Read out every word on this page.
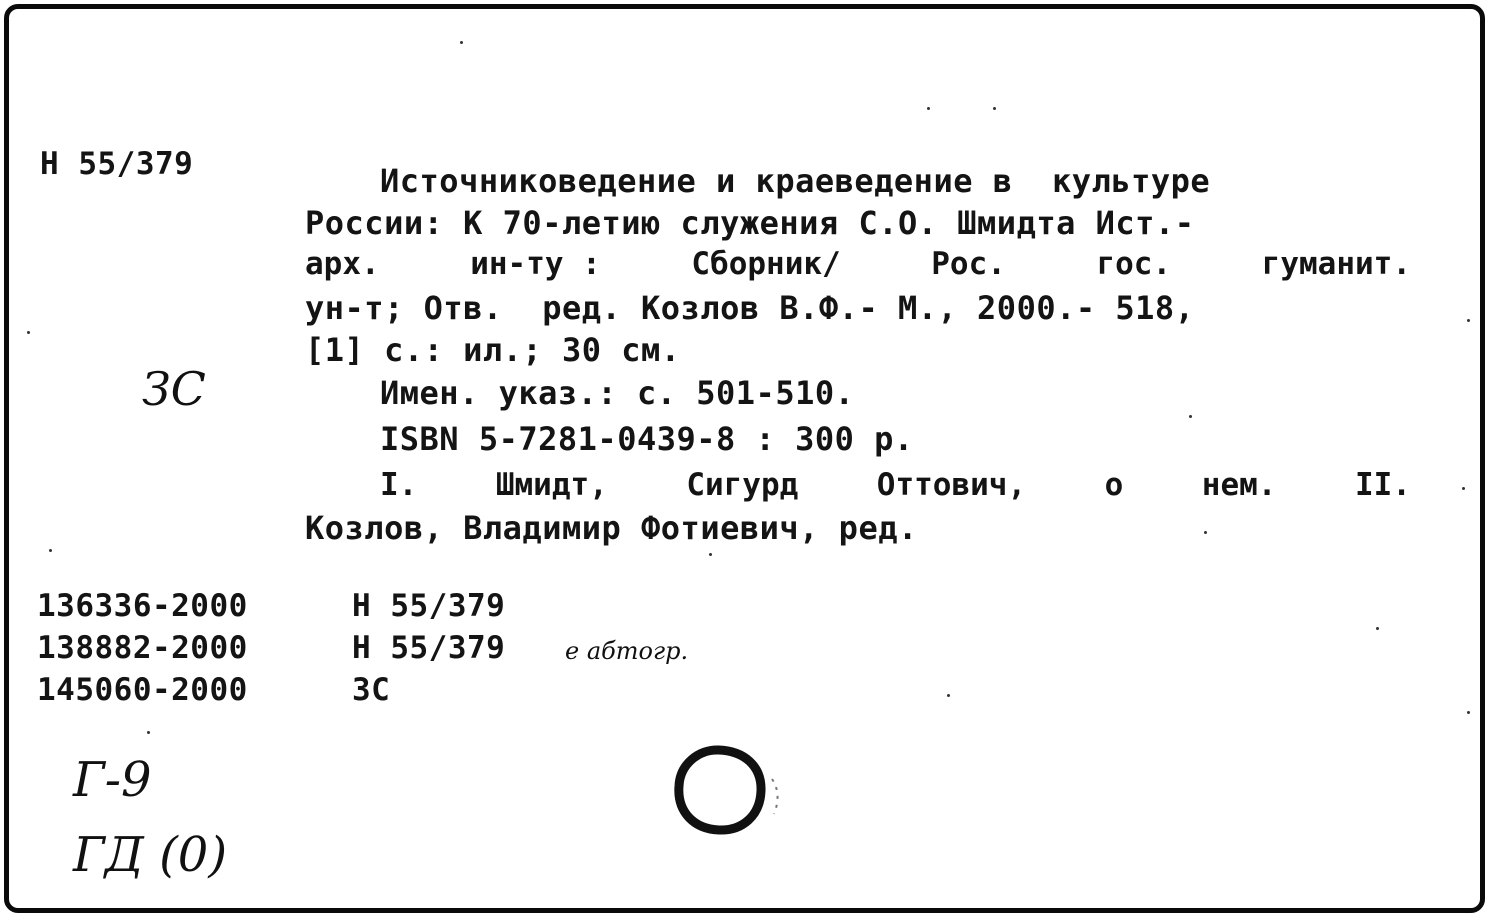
Н 55/379	Источниковедение и краеведение в  культуре
России: К 70-летию служения С.О. Шмидта Ист.-
арх.	ин-ту :	Сборник/	Рос.	гос.	гуманит.
ун-т; Отв.  ред. Козлов В.Ф.- М., 2000.- 518,
[1] с.: ил.; 30 см.
ЗС	Имен. указ.: с. 501-510.
ISBN 5-7281-0439-8 : 300 р.
I.	Шмидт,	Сигурд	Оттович,	о	нем.	II.
Козлов, Владимир Фотиевич, ред.
136336-2000	Н 55/379
138882-2000	Н 55/379 е абтогр.
145060-2000	ЗС
Г-9
ГД (0)
